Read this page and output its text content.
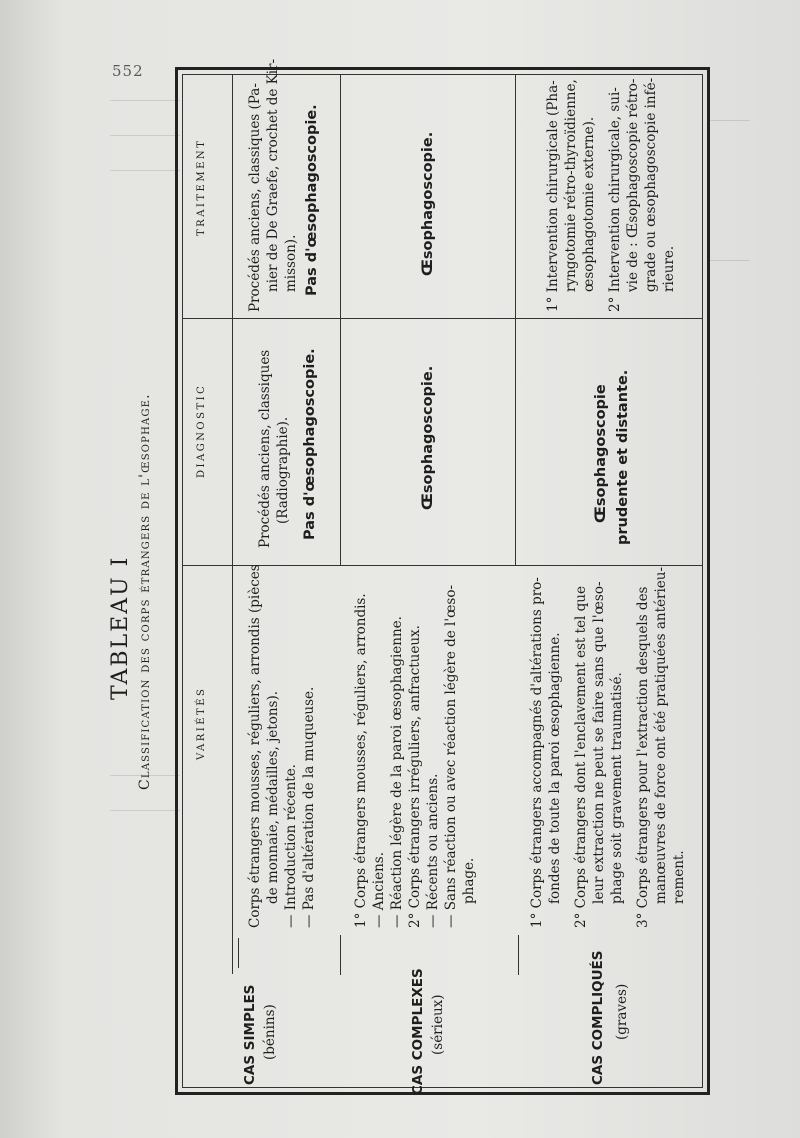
552
TABLEAU I Classification des corps étrangers de l'œsophage.
TRAITEMENT
DIAGNOSTIC
VARIÉTÉS	Corps étrangers mousses, réguliers, arrondis (pièces de monnaie, médailles, jetons). — Introduction récente. — Pas d'altération de la muqueuse.
CAS SIMPLES (bénins)
Procédés anciens, classiques (Radiographie). Pas d'œsophagoscopie.
Procédés anciens, classiques (Pa- nier de De Graefe, crochet de Kir- misson). Pas d'œsophagoscopie.
1° Corps étrangers mousses, réguliers, arrondis. — Anciens. — Réaction légère de la paroi œsophagienne. 2° Corps étrangers irréguliers, anfractueux. — Récents ou anciens. — Sans réaction ou avec réaction légère de l'œso- phage.
CAS COMPLEXES (sérieux)
Œsophagoscopie.
Œsophagoscopie.
1° Corps étrangers accompagnés d'altérations pro- fondes de toute la paroi œsophagienne. 2° Corps étrangers dont l'enclavement est tel que leur extraction ne peut se faire sans que l'œso- phage soit gravement traumatisé. 3° Corps étrangers pour l'extraction desquels des manœuvres de force ont été pratiquées antérieu- rement.
CAS COMPLIQUÉS (graves)
Œsophagoscopie prudente et distante.
1° Intervention chirurgicale (Pha- ryngotomie rétro-thyroïdienne, œsophagotomie externe). 2° Intervention chirurgicale, sui- vie de : Œsophagoscopie rétro- grade ou œsophagoscopie infé- rieure.
